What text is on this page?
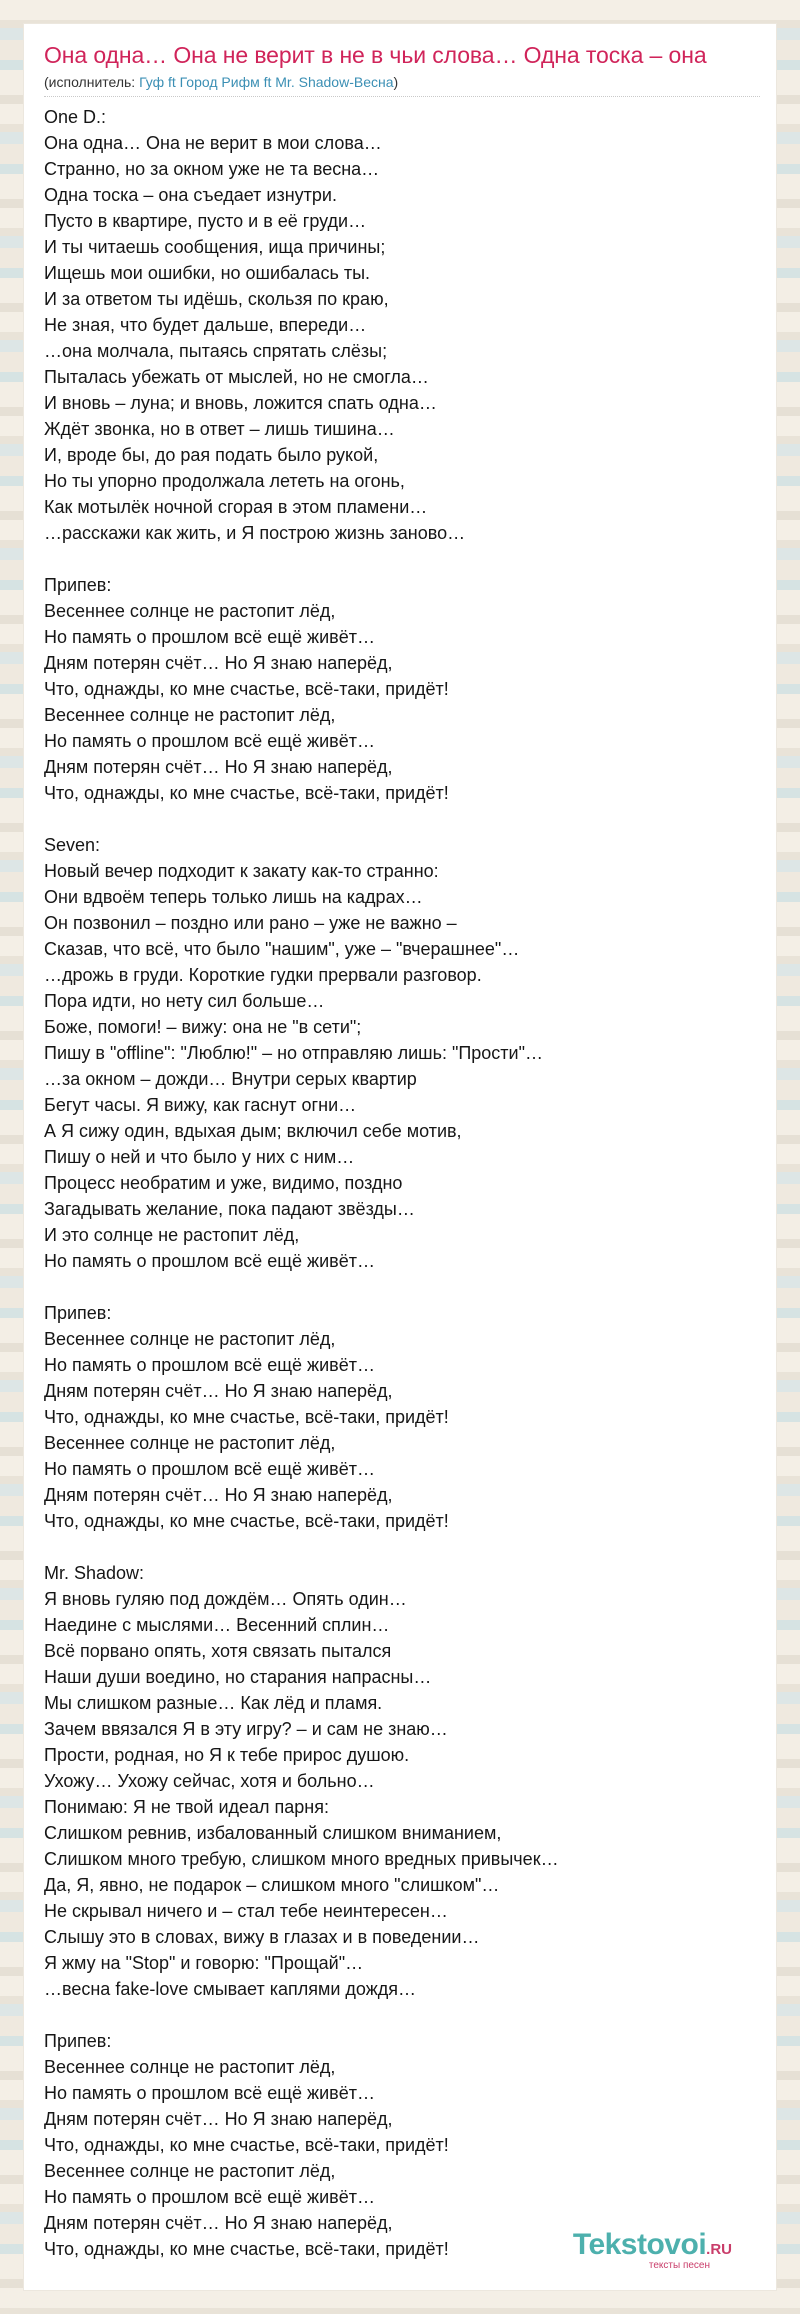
Она одна… Она не верит в не в чьи слова… Одна тоска – она
(исполнитель: Гуф ft Город Рифм ft Mr. Shadow-Весна)
One D.:
Она одна… Она не верит в мои слова…
Странно, но за окном уже не та весна…
Одна тоска – она съедает изнутри.
Пусто в квартире, пусто и в её груди…
И ты читаешь сообщения, ища причины;
Ищешь мои ошибки, но ошибалась ты.
И за ответом ты идёшь, скользя по краю,
Не зная, что будет дальше, впереди…
…она молчала, пытаясь спрятать слёзы;
Пыталась убежать от мыслей, но не смогла…
И вновь – луна; и вновь, ложится спать одна…
Ждёт звонка, но в ответ – лишь тишина…
И, вроде бы, до рая подать было рукой,
Но ты упорно продолжала лететь на огонь,
Как мотылёк ночной сгорая в этом пламени…
…расскажи как жить, и Я построю жизнь заново…

Припев:
Весеннее солнце не растопит лёд,
Но память о прошлом всё ещё живёт…
Дням потерян счёт… Но Я знаю наперёд,
Что, однажды, ко мне счастье, всё-таки, придёт!
Весеннее солнце не растопит лёд,
Но память о прошлом всё ещё живёт…
Дням потерян счёт… Но Я знаю наперёд,
Что, однажды, ко мне счастье, всё-таки, придёт!

Seven:
Новый вечер подходит к закату как-то странно:
Они вдвоём теперь только лишь на кадрах…
Он позвонил – поздно или рано – уже не важно –
Сказав, что всё, что было "нашим", уже – "вчерашнее"…
…дрожь в груди. Короткие гудки прервали разговор.
Пора идти, но нету сил больше…
Боже, помоги! – вижу: она не "в сети";
Пишу в "offline": "Люблю!" – но отправляю лишь: "Прости"…
…за окном – дожди… Внутри серых квартир
Бегут часы. Я вижу, как гаснут огни…
А Я сижу один, вдыхая дым; включил себе мотив,
Пишу о ней и что было у них с ним…
Процесс необратим и уже, видимо, поздно
Загадывать желание, пока падают звёзды…
И это солнце не растопит лёд,
Но память о прошлом всё ещё живёт…

Припев:
Весеннее солнце не растопит лёд,
Но память о прошлом всё ещё живёт…
Дням потерян счёт… Но Я знаю наперёд,
Что, однажды, ко мне счастье, всё-таки, придёт!
Весеннее солнце не растопит лёд,
Но память о прошлом всё ещё живёт…
Дням потерян счёт… Но Я знаю наперёд,
Что, однажды, ко мне счастье, всё-таки, придёт!

Mr. Shadow:
Я вновь гуляю под дождём… Опять один…
Наедине с мыслями… Весенний сплин…
Всё порвано опять, хотя связать пытался
Наши души воедино, но старания напрасны…
Мы слишком разные… Как лёд и пламя.
Зачем ввязался Я в эту игру? – и сам не знаю…
Прости, родная, но Я к тебе прирос душою.
Ухожу… Ухожу сейчас, хотя и больно…
Понимаю: Я не твой идеал парня:
Слишком ревнив, избалованный слишком вниманием,
Слишком много требую, слишком много вредных привычек…
Да, Я, явно, не подарок – слишком много "слишком"…
Не скрывал ничего и – стал тебе неинтересен…
Слышу это в словах, вижу в глазах и в поведении…
Я жму на "Stop" и говорю: "Прощай"…
…весна fake-love смывает каплями дождя…

Припев:
Весеннее солнце не растопит лёд,
Но память о прошлом всё ещё живёт…
Дням потерян счёт… Но Я знаю наперёд,
Что, однажды, ко мне счастье, всё-таки, придёт!
Весеннее солнце не растопит лёд,
Но память о прошлом всё ещё живёт…
Дням потерян счёт… Но Я знаю наперёд,
Что, однажды, ко мне счастье, всё-таки, придёт!	Tekstovoi.RU
тексты песен
